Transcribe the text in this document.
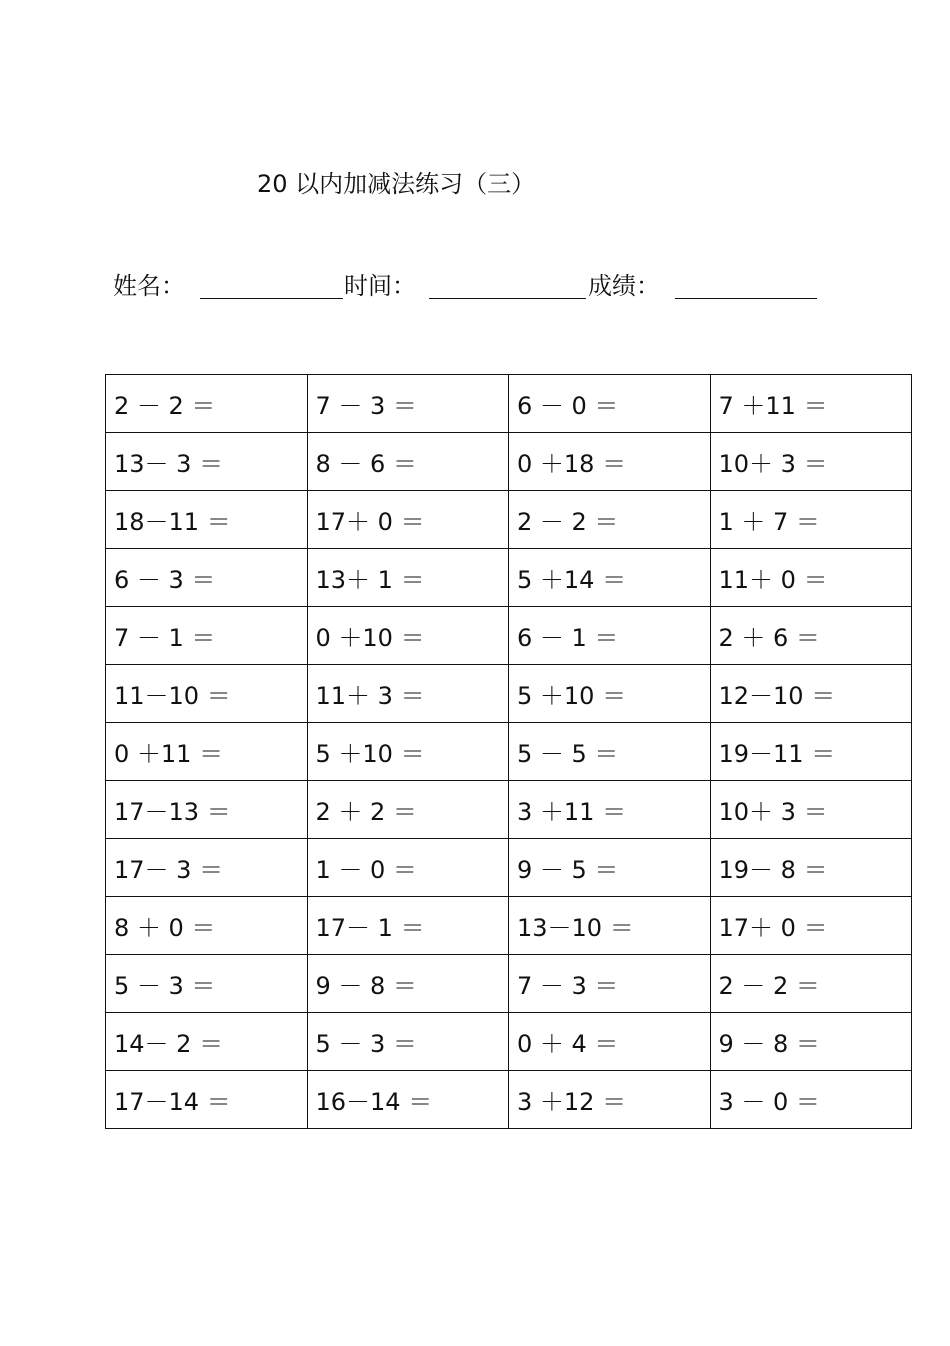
20 以内加减法练习（三）
姓名：	时间：	成绩：
2 － 2 ＝	7 － 3 ＝	6 － 0 ＝	7 ＋11 ＝
13－ 3 ＝	8 － 6 ＝	0 ＋18 ＝	10＋ 3 ＝
18－11 ＝	17＋ 0 ＝	2 － 2 ＝	1 ＋ 7 ＝
6 － 3 ＝	13＋ 1 ＝	5 ＋14 ＝	11＋ 0 ＝
7 － 1 ＝	0 ＋10 ＝	6 － 1 ＝	2 ＋ 6 ＝
11－10 ＝	11＋ 3 ＝	5 ＋10 ＝	12－10 ＝
0 ＋11 ＝	5 ＋10 ＝	5 － 5 ＝	19－11 ＝
17－13 ＝	2 ＋ 2 ＝	3 ＋11 ＝	10＋ 3 ＝
17－ 3 ＝	1 － 0 ＝	9 － 5 ＝	19－ 8 ＝
8 ＋ 0 ＝	17－ 1 ＝	13－10 ＝	17＋ 0 ＝
5 － 3 ＝	9 － 8 ＝	7 － 3 ＝	2 － 2 ＝
14－ 2 ＝	5 － 3 ＝	0 ＋ 4 ＝	9 － 8 ＝
17－14 ＝	16－14 ＝	3 ＋12 ＝	3 － 0 ＝
